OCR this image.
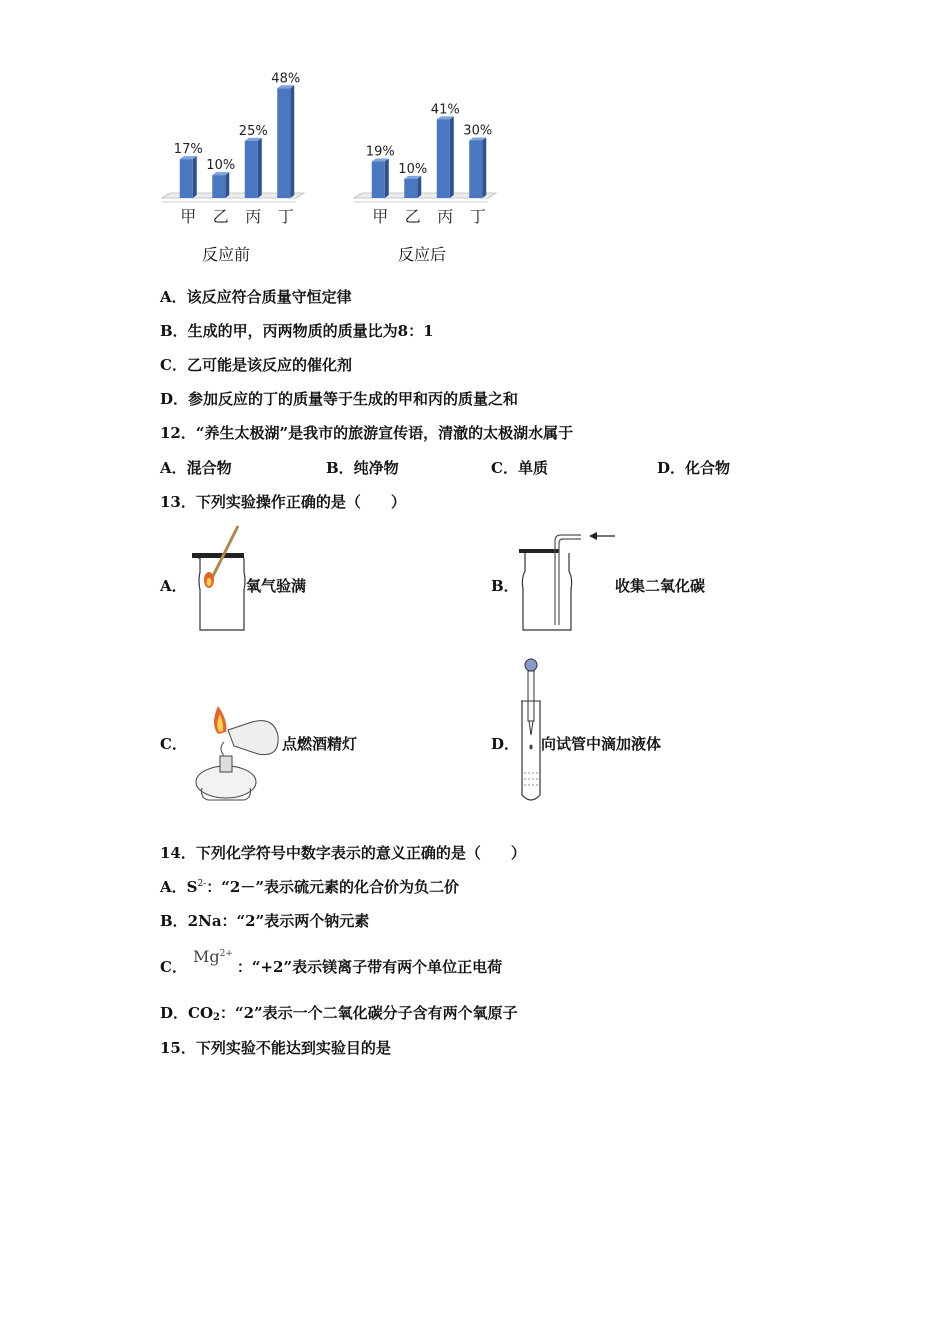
17%
甲
10%
乙
25%
丙
48%
丁
19%
甲
10%
乙
41%
丙
30%
丁
反应前	反应后
A．该反应符合质量守恒定律
B．生成的甲，丙两物质的质量比为8：1
C．乙可能是该反应的催化剂
D．参加反应的丁的质量等于生成的甲和丙的质量之和
12．“养生太极湖”是我市的旅游宣传语，清澈的太极湖水属于
A．混合物	B．纯净物	C．单质	D．化合物
13．下列实验操作正确的是（　　）
A．	氧气验满	B．	收集二氧化碳
C．	点燃酒精灯	D． 向试管中滴加液体
14．下列化学符号中数字表示的意义正确的是（　　）
A．$S^{2-}$：“2－”表示硫元素的化合价为负二价
B．2Na：“2”表示两个钠元素
C．$Mg^{2+}$：“+2”表示镁离子带有两个单位正电荷
D．$CO_2$：“2”表示一个二氧化碳分子含有两个氧原子
15．下列实验不能达到实验目的是
